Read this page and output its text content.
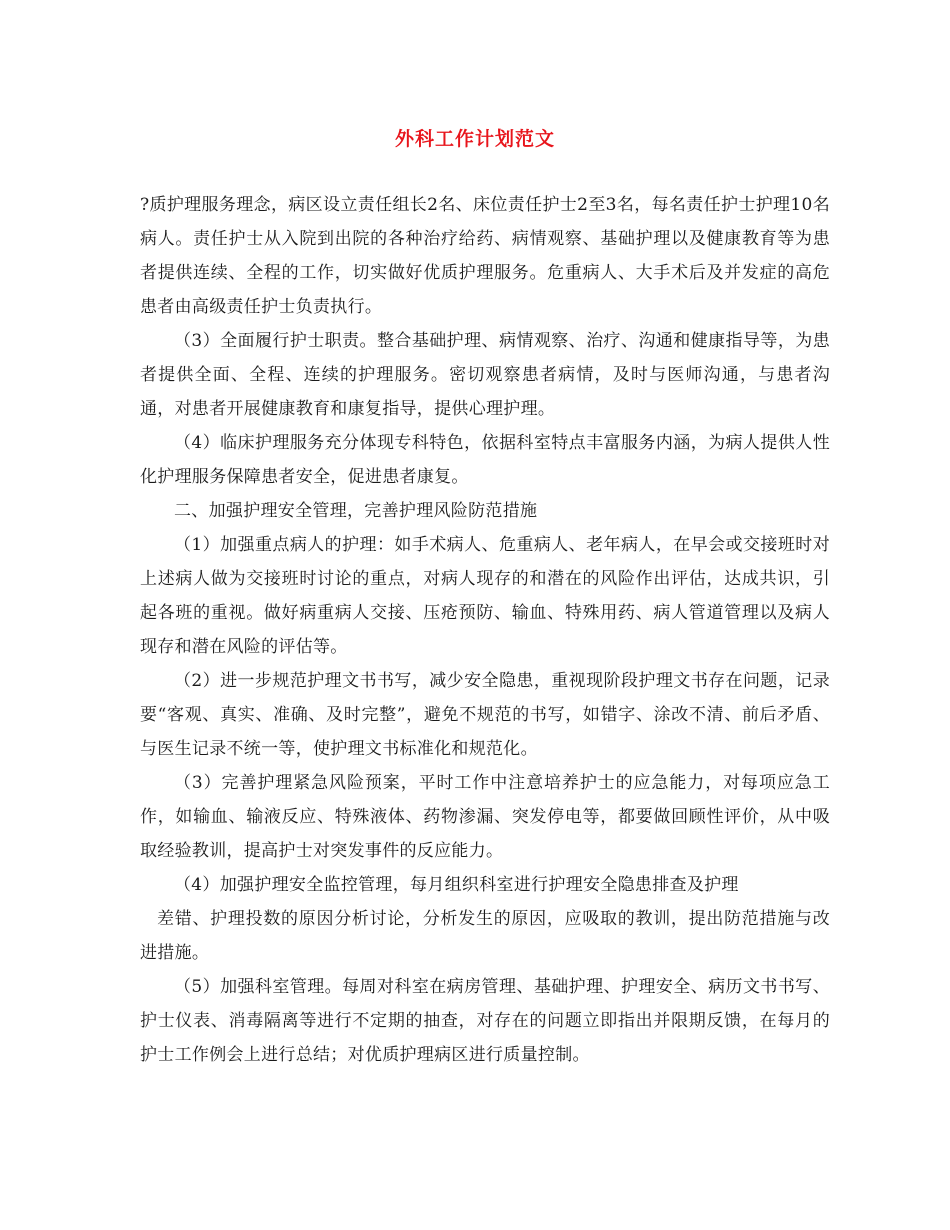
外科工作计划范文

?质护理服务理念，病区设立责任组长2名、床位责任护士2至3名，每名责任护士护理10名病人。责任护士从入院到出院的各种治疗给药、病情观察、基础护理以及健康教育等为患者提供连续、全程的工作，切实做好优质护理服务。危重病人、大手术后及并发症的高危患者由高级责任护士负责执行。

（3）全面履行护士职责。整合基础护理、病情观察、治疗、沟通和健康指导等，为患者提供全面、全程、连续的护理服务。密切观察患者病情，及时与医师沟通，与患者沟通，对患者开展健康教育和康复指导，提供心理护理。

（4）临床护理服务充分体现专科特色，依据科室特点丰富服务内涵，为病人提供人性化护理服务保障患者安全，促进患者康复。

二、加强护理安全管理，完善护理风险防范措施

（1）加强重点病人的护理：如手术病人、危重病人、老年病人，在早会或交接班时对上述病人做为交接班时讨论的重点，对病人现存的和潜在的风险作出评估，达成共识，引起各班的重视。做好病重病人交接、压疮预防、输血、特殊用药、病人管道管理以及病人现存和潜在风险的评估等。

（2）进一步规范护理文书书写，减少安全隐患，重视现阶段护理文书存在问题，记录要“客观、真实、准确、及时完整”，避免不规范的书写，如错字、涂改不清、前后矛盾、与医生记录不统一等，使护理文书标准化和规范化。

（3）完善护理紧急风险预案，平时工作中注意培养护士的应急能力，对每项应急工作，如输血、输液反应、特殊液体、药物渗漏、突发停电等，都要做回顾性评价，从中吸取经验教训，提高护士对突发事件的反应能力。

（4）加强护理安全监控管理，每月组织科室进行护理安全隐患排查及护理

差错、护理投数的原因分析讨论，分析发生的原因，应吸取的教训，提出防范措施与改进措施。

（5）加强科室管理。每周对科室在病房管理、基础护理、护理安全、病历文书书写、护士仪表、消毒隔离等进行不定期的抽查，对存在的问题立即指出并限期反馈，在每月的护士工作例会上进行总结；对优质护理病区进行质量控制。
